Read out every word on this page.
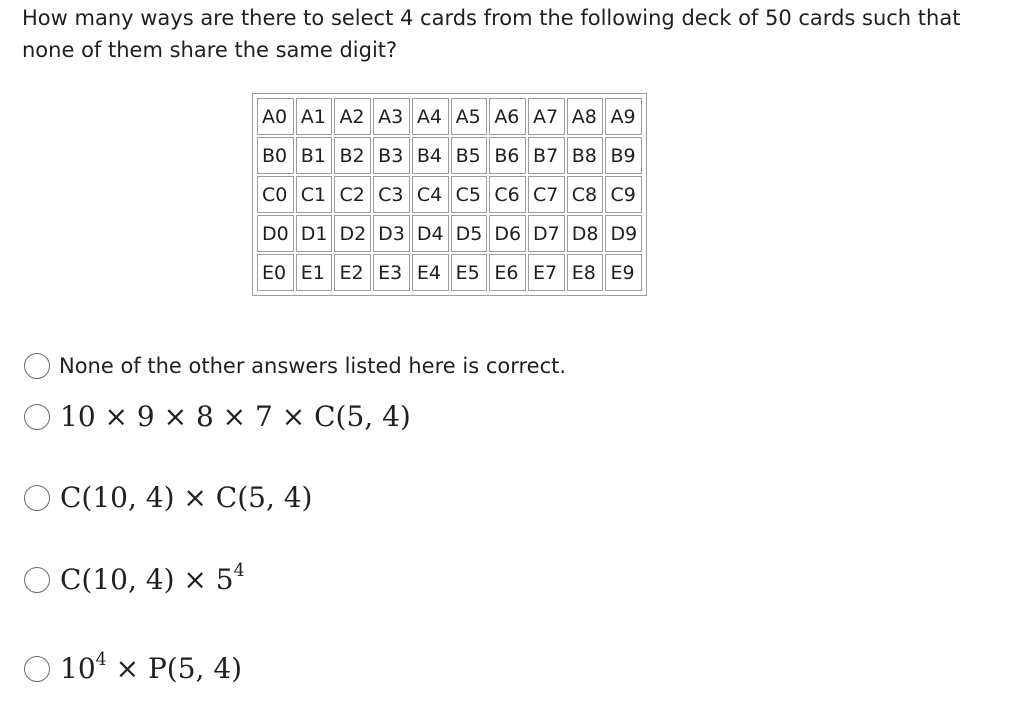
How many ways are there to select 4 cards from the following deck of 50 cards such that none of them share the same digit?

A0	A1	A2	A3	A4	A5	A6	A7	A8	A9
B0	B1	B2	B3	B4	B5	B6	B7	B8	B9
C0	C1	C2	C3	C4	C5	C6	C7	C8	C9
D0	D1	D2	D3	D4	D5	D6	D7	D8	D9
E0	E1	E2	E3	E4	E5	E6	E7	E8	E9
None of the other answers listed here is correct.
10 × 9 × 8 × 7 × C(5, 4)
C(10, 4) × C(5, 4)
C(10, $4) \times 5^4$
$10^4 \times P(5$, 4)
